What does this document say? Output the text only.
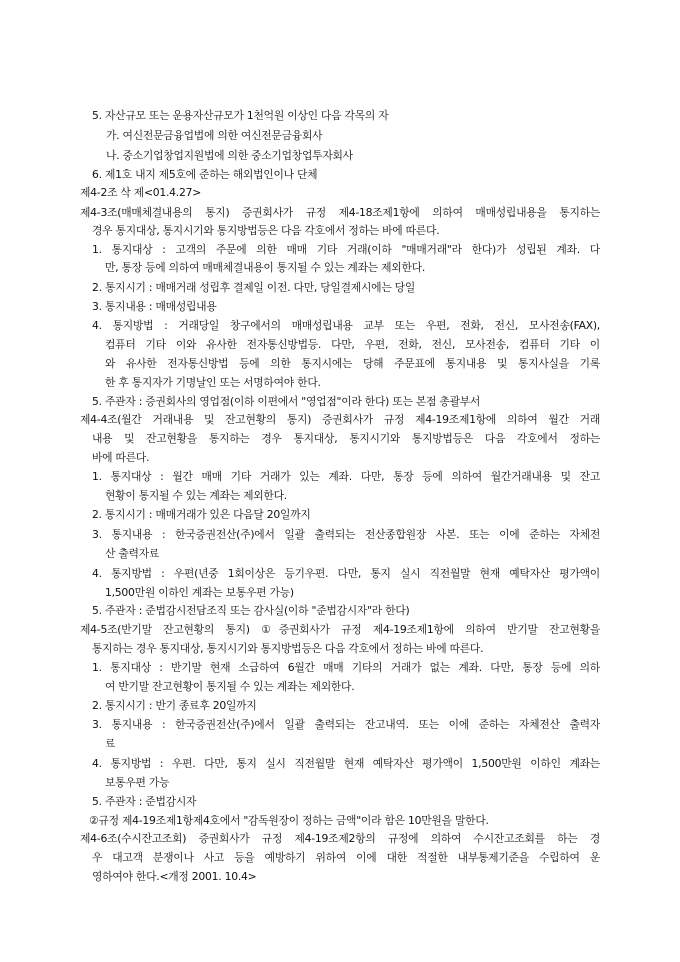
5. 자산규모 또는 운용자산규모가 1천억원 이상인 다음 각목의 자
가. 여신전문금융업법에 의한 여신전문금융회사
나. 중소기업창업지원법에 의한 중소기업창업투자회사
6. 제1호 내지 제5호에 준하는 해외법인이나 단체
제4-2조 삭 제<01.4.27>
제4-3조(매매체결내용의 통지) 증권회사가 규정 제4-18조제1항에 의하여 매매성립내용을 통지하는
경우 통지대상, 통지시기와 통지방법등은 다음 각호에서 정하는 바에 따른다.
1. 통지대상 : 고객의 주문에 의한 매매 기타 거래(이하 "매매거래"라 한다)가 성립된 계좌. 다
만, 통장 등에 의하여 매매체결내용이 통지될 수 있는 계좌는 제외한다.
2. 통지시기 : 매매거래 성립후 결제일 이전. 다만, 당일결제시에는 당일
3. 통지내용 : 매매성립내용
4. 통지방법 : 거래당일 창구에서의 매매성립내용 교부 또는 우편, 전화, 전신, 모사전송(FAX),
컴퓨터 기타 이와 유사한 전자통신방법등. 다만, 우편, 전화, 전신, 모사전송, 컴퓨터 기타 이
와 유사한 전자통신방법 등에 의한 통지시에는 당해 주문표에 통지내용 및 통지사실을 기록
한 후 통지자가 기명날인 또는 서명하여야 한다.
5. 주관자 : 증권회사의 영업점(이하 이편에서 "영업점"이라 한다) 또는 본점 총괄부서
제4-4조(월간 거래내용 및 잔고현황의 통지) 증권회사가 규정 제4-19조제1항에 의하여 월간 거래
내용 및 잔고현황을 통지하는 경우 통지대상, 통지시기와 통지방법등은 다음 각호에서 정하는
바에 따른다.
1. 통지대상 : 월간 매매 기타 거래가 있는 계좌. 다만, 통장 등에 의하여 월간거래내용 및 잔고
현황이 통지될 수 있는 계좌는 제외한다.
2. 통지시기 : 매매거래가 있은 다음달 20일까지
3. 통지내용 : 한국증권전산(주)에서 일괄 출력되는 전산종합원장 사본. 또는 이에 준하는 자체전
산 출력자료
4. 통지방법 : 우편(년중 1회이상은 등기우편. 다만, 통지 실시 직전월말 현재 예탁자산 평가액이
1,500만원 이하인 계좌는 보통우편 가능)
5. 주관자 : 준법감시전담조직 또는 감사실(이하 "준법감시자"라 한다)
제4-5조(반기말 잔고현황의 통지) ①증권회사가 규정 제4-19조제1항에 의하여 반기말 잔고현황을
통지하는 경우 통지대상, 통지시기와 통지방법등은 다음 각호에서 정하는 바에 따른다.
1. 통지대상 : 반기말 현재 소급하여 6월간 매매 기타의 거래가 없는 계좌. 다만, 통장 등에 의하
여 반기말 잔고현황이 통지될 수 있는 계좌는 제외한다.
2. 통지시기 : 반기 종료후 20일까지
3. 통지내용 : 한국증권전산(주)에서 일괄 출력되는 잔고내역. 또는 이에 준하는 자체전산 출력자
료
4. 통지방법 : 우편. 다만, 통지 실시 직전월말 현재 예탁자산 평가액이 1,500만원 이하인 계좌는
보통우편 가능
5. 주관자 : 준법감시자
②규정 제4-19조제1항제4호에서 "감독원장이 정하는 금액"이라 함은 10만원을 말한다.
제4-6조(수시잔고조회) 증권회사가 규정 제4-19조제2항의 규정에 의하여 수시잔고조회를 하는 경
우 대고객 분쟁이나 사고 등을 예방하기 위하여 이에 대한 적절한 내부통제기준을 수립하여 운
영하여야 한다.<개정 2001. 10.4>
